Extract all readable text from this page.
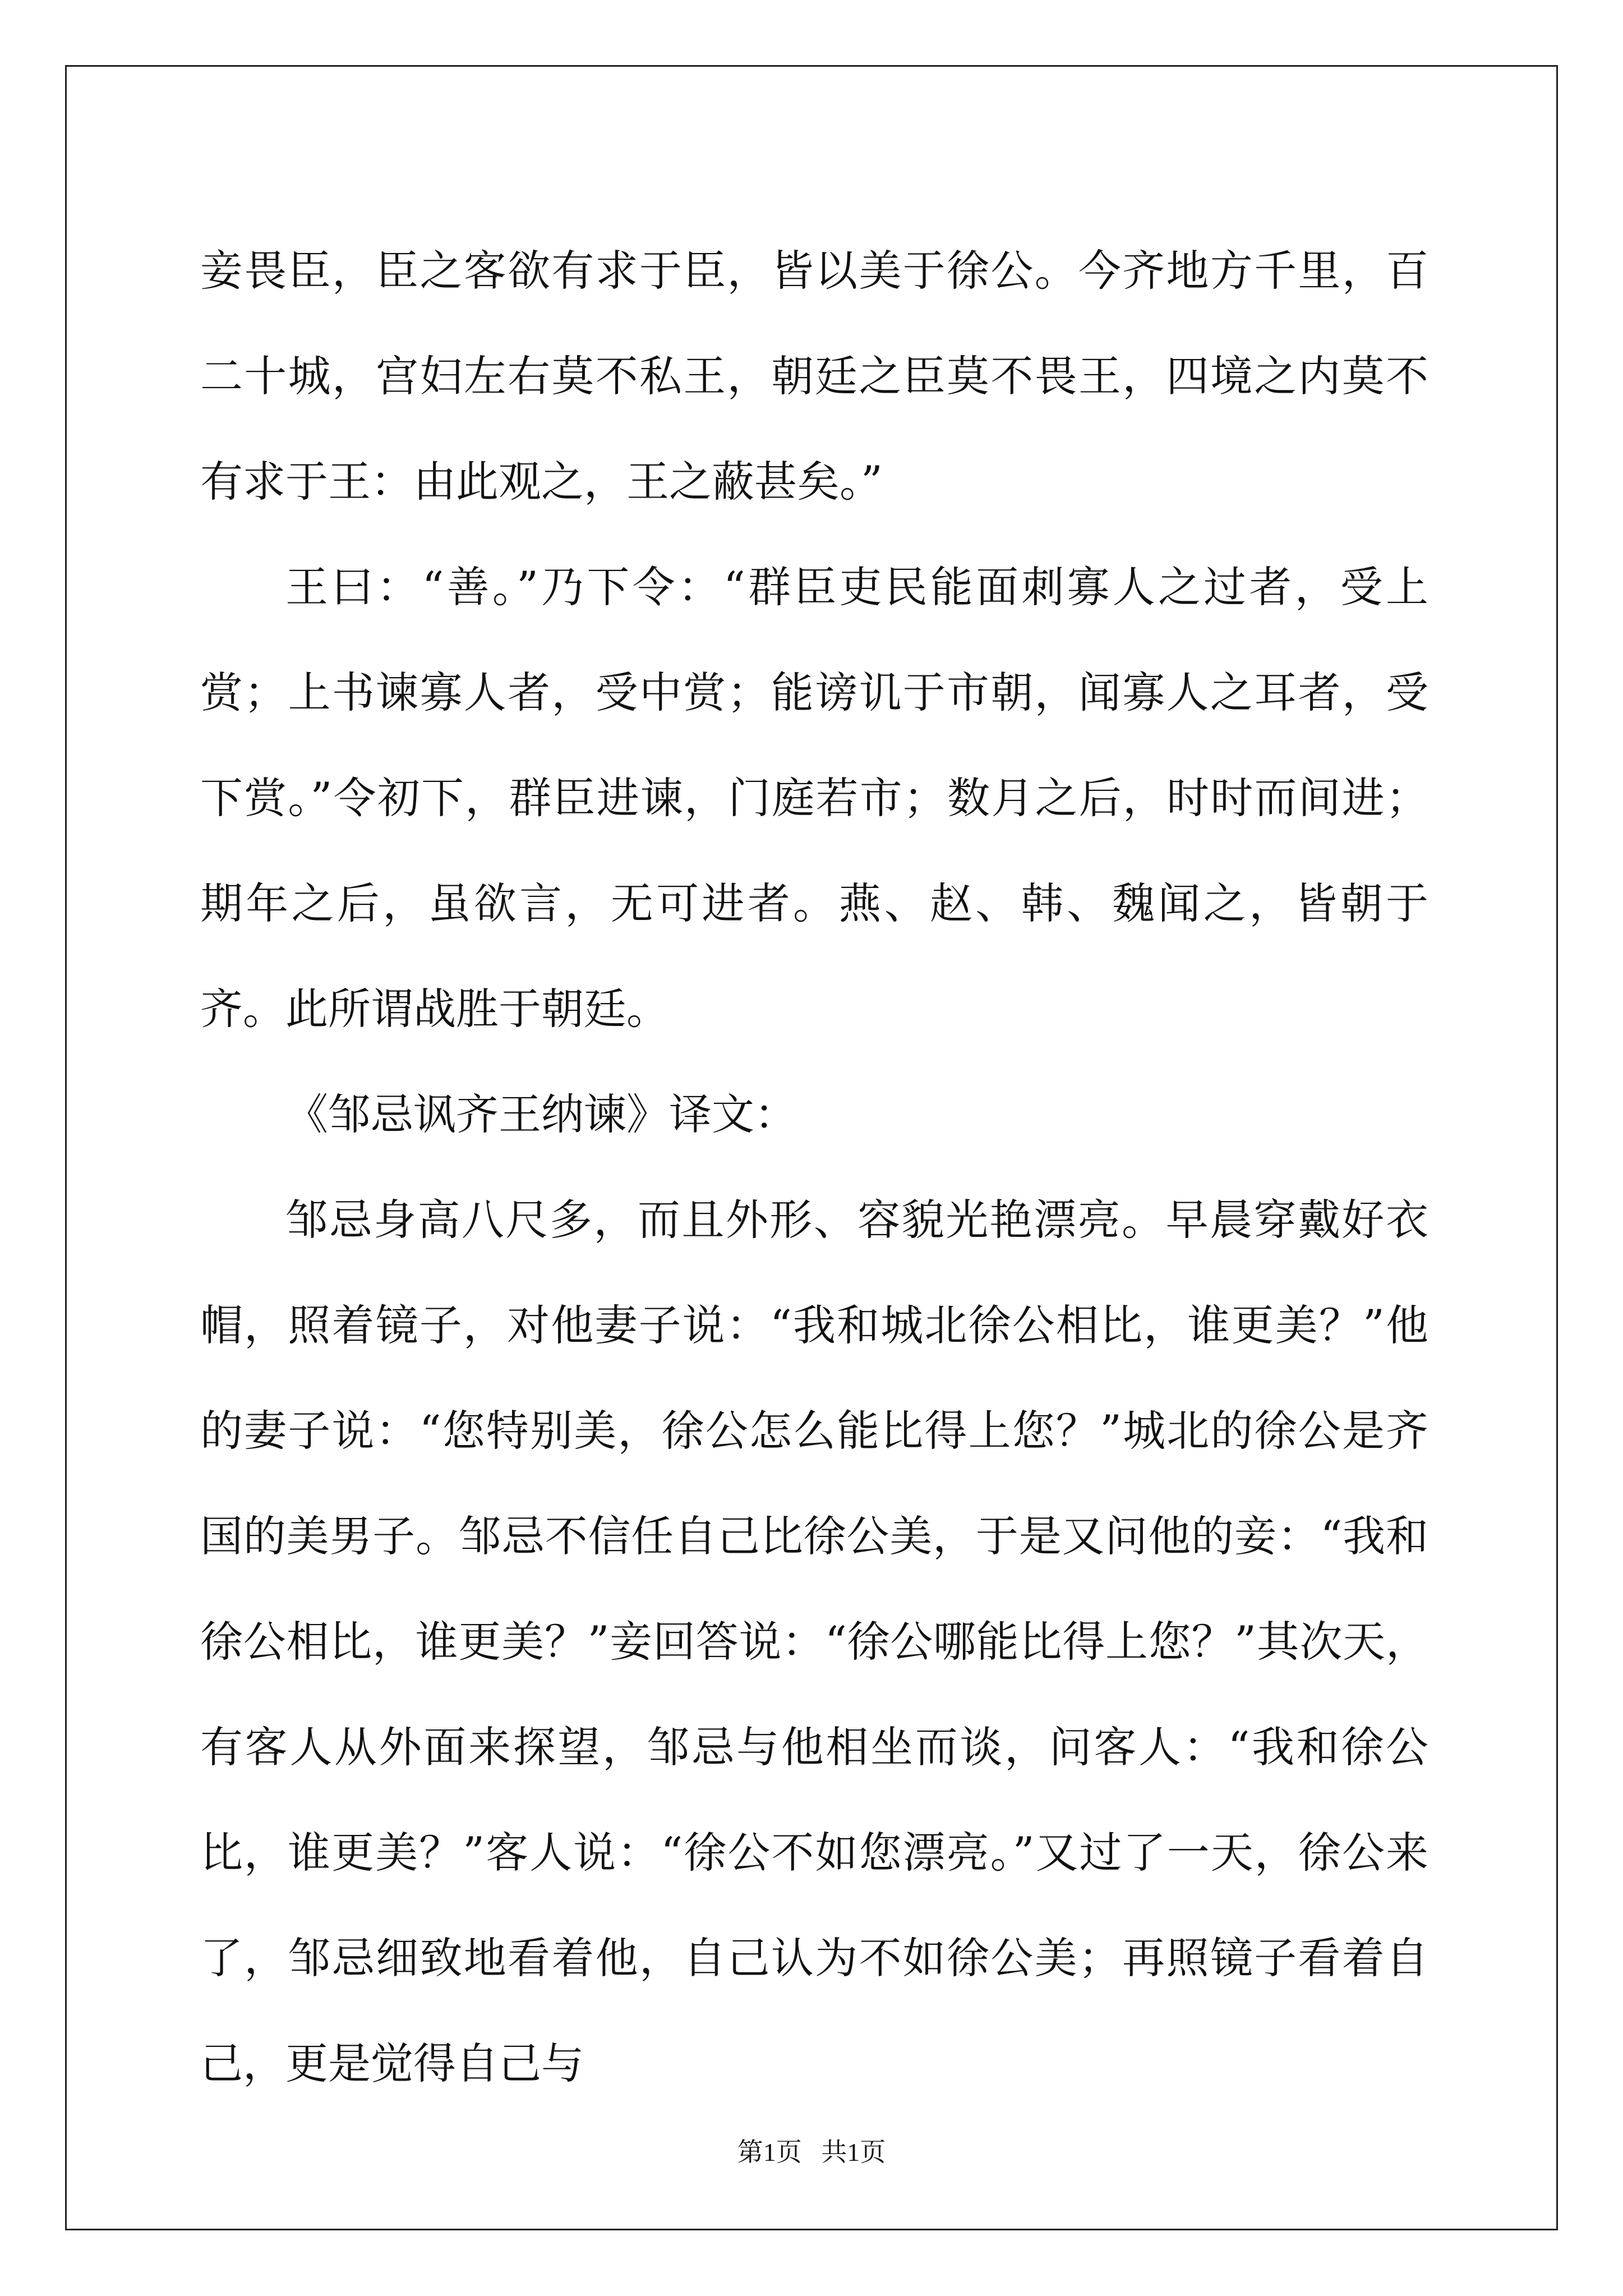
妾畏臣，臣之客欲有求于臣，皆以美于徐公。今齐地方千里，百二十城，宫妇左右莫不私王，朝廷之臣莫不畏王，四境之内莫不有求于王：由此观之，王之蔽甚矣。”

王曰：“善。”乃下令：“群臣吏民能面刺寡人之过者，受上赏；上书谏寡人者，受中赏；能谤讥于市朝，闻寡人之耳者，受下赏。”令初下，群臣进谏，门庭若市；数月之后，时时而间进；期年之后，虽欲言，无可进者。燕、赵、韩、魏闻之，皆朝于齐。此所谓战胜于朝廷。

《邹忌讽齐王纳谏》译文：

邹忌身高八尺多，而且外形、容貌光艳漂亮。早晨穿戴好衣帽，照着镜子，对他妻子说：“我和城北徐公相比，谁更美？”他的妻子说：“您特别美，徐公怎么能比得上您？”城北的徐公是齐国的美男子。邹忌不信任自己比徐公美，于是又问他的妾：“我和徐公相比，谁更美？”妾回答说：“徐公哪能比得上您？”其次天，有客人从外面来探望，邹忌与他相坐而谈，问客人：“我和徐公比，谁更美？”客人说：“徐公不如您漂亮。”又过了一天，徐公来了，邹忌细致地看着他，自己认为不如徐公美；再照镜子看着自己，更是觉得自己与

第1页   共1页
